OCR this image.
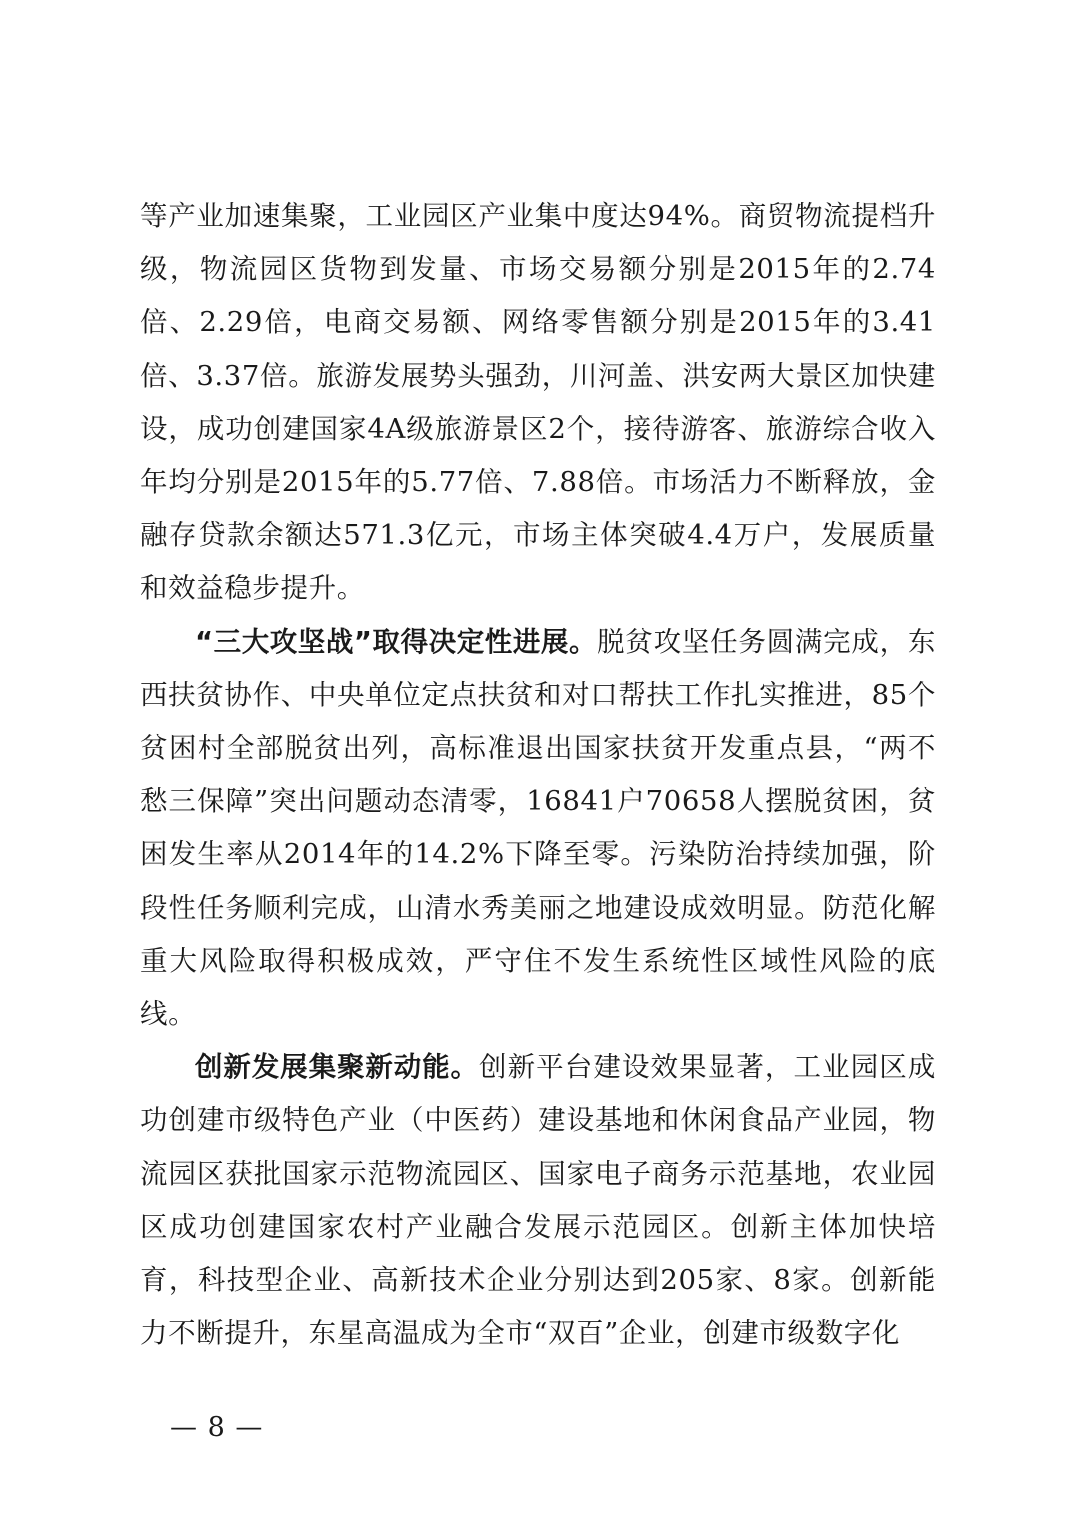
等产业加速集聚，工业园区产业集中度达94%。商贸物流提档升级，物流园区货物到发量、市场交易额分别是2015年的2.74倍、2.29倍，电商交易额、网络零售额分别是2015年的3.41倍、3.37倍。旅游发展势头强劲，川河盖、洪安两大景区加快建设，成功创建国家4A级旅游景区2个，接待游客、旅游综合收入年均分别是2015年的5.77倍、7.88倍。市场活力不断释放，金融存贷款余额达571.3亿元，市场主体突破4.4万户，发展质量和效益稳步提升。

“三大攻坚战”取得决定性进展。脱贫攻坚任务圆满完成，东西扶贫协作、中央单位定点扶贫和对口帮扶工作扎实推进，85个贫困村全部脱贫出列，高标准退出国家扶贫开发重点县，“两不愁三保障”突出问题动态清零，16841户70658人摆脱贫困，贫困发生率从2014年的14.2%下降至零。污染防治持续加强，阶段性任务顺利完成，山清水秀美丽之地建设成效明显。防范化解重大风险取得积极成效，严守住不发生系统性区域性风险的底线。

创新发展集聚新动能。创新平台建设效果显著，工业园区成功创建市级特色产业（中医药）建设基地和休闲食品产业园，物流园区获批国家示范物流园区、国家电子商务示范基地，农业园区成功创建国家农村产业融合发展示范园区。创新主体加快培育，科技型企业、高新技术企业分别达到205家、8家。创新能力不断提升，东星高温成为全市“双百”企业，创建市级数字化

— 8 —
